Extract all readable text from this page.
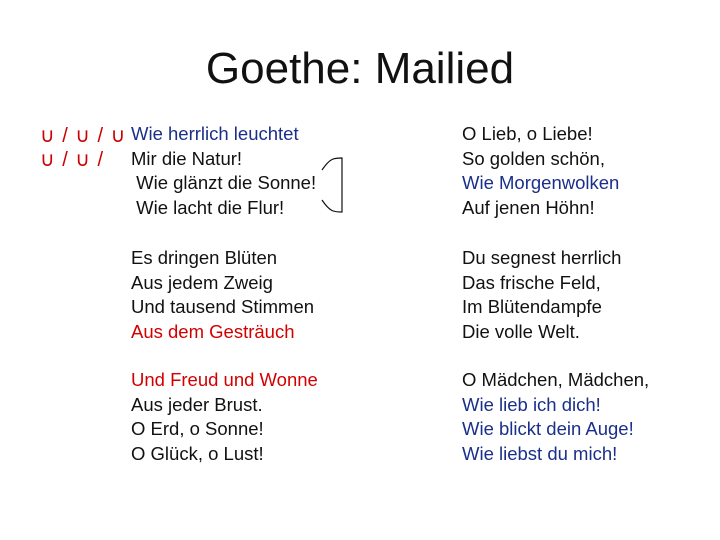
Goethe: Mailied
∪ / ∪ / ∪
∪ / ∪ /
Wie herrlich leuchtet
Mir die Natur!
Wie glänzt die Sonne!
Wie lacht die Flur!
O Lieb, o Liebe!
So golden schön,
Wie Morgenwolken
Auf jenen Höhn!
Es dringen Blüten
Aus jedem Zweig
Und tausend Stimmen
Aus dem Gesträuch
Du segnest herrlich
Das frische Feld,
Im Blütendampfe
Die volle Welt.
Und Freud und Wonne
Aus jeder Brust.
O Erd, o Sonne!
O Glück, o Lust!
O Mädchen, Mädchen,
Wie lieb ich dich!
Wie blickt dein Auge!
Wie liebst du mich!
